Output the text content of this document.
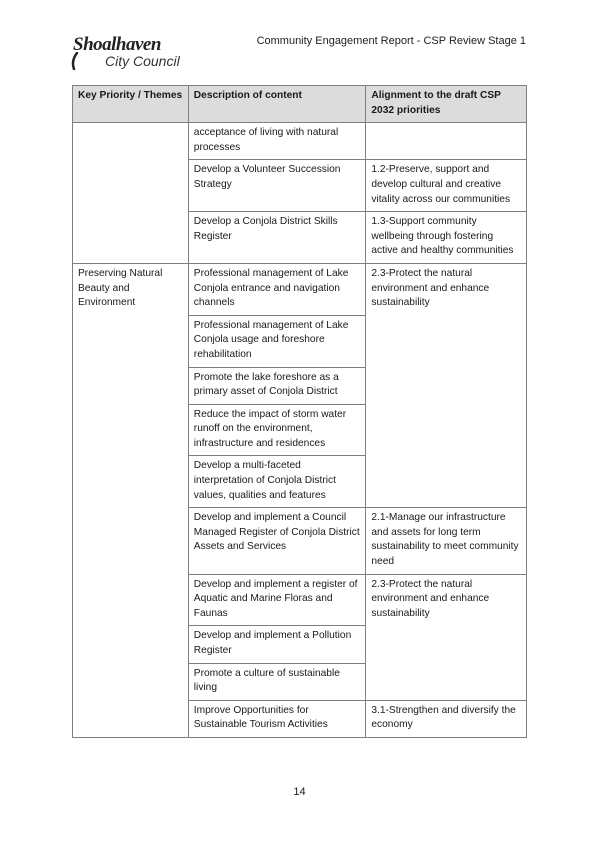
Shoalhaven
City Council
Community Engagement Report - CSP Review Stage 1
Key Priority / Themes	Description of content	Alignment to the draft CSP 2032 priorities
	acceptance of living with natural processes	
	Develop a Volunteer Succession Strategy	1.2-Preserve, support and develop cultural and creative vitality across our communities
	Develop a Conjola District Skills Register	1.3-Support community wellbeing through fostering active and healthy communities
Preserving Natural Beauty and Environment	Professional management of Lake Conjola entrance and navigation channels	2.3-Protect the natural environment and enhance sustainability
	Professional management of Lake Conjola usage and foreshore rehabilitation	
	Promote the lake foreshore as a primary asset of Conjola District	
	Reduce the impact of storm water runoff on the environment, infrastructure and residences	
	Develop a multi-faceted interpretation of Conjola District values, qualities and features	
	Develop and implement a Council Managed Register of Conjola District Assets and Services	2.1-Manage our infrastructure and assets for long term sustainability to meet community need
	Develop and implement a register of Aquatic and Marine Floras and Faunas	2.3-Protect the natural environment and enhance sustainability
	Develop and implement a Pollution Register	
	Promote a culture of sustainable living	
	Improve Opportunities for Sustainable Tourism Activities	3.1-Strengthen and diversify the economy
14
